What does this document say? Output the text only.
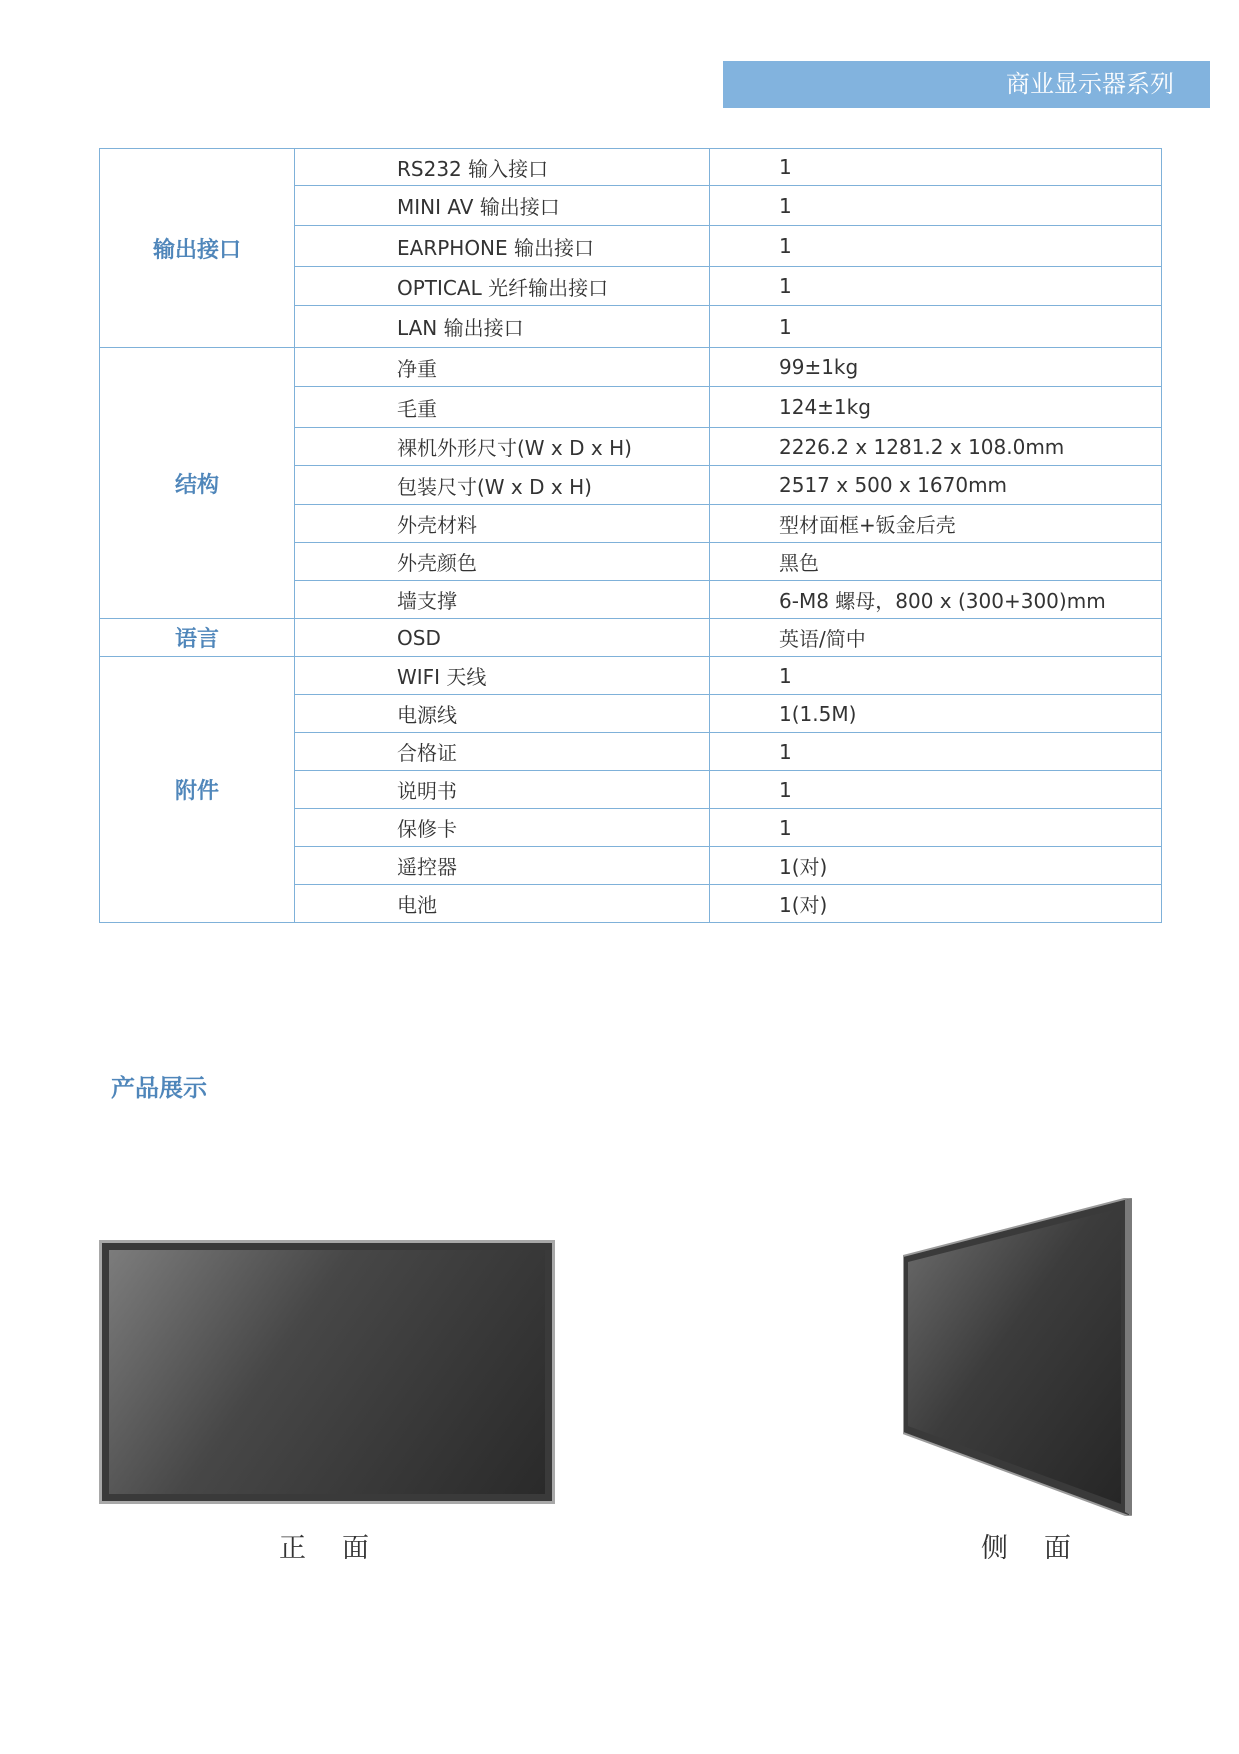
商业显示器系列
输出接口	RS232 输入接口	1
	MINI AV 输出接口	1
	EARPHONE 输出接口	1
	OPTICAL 光纤输出接口	1
	LAN 输出接口	1
结构	净重	99±1kg
	毛重	124±1kg
	裸机外形尺寸(W x D x H)	2226.2 x 1281.2 x 108.0mm
	包装尺寸(W x D x H)	2517 x 500 x 1670mm
	外壳材料	型材面框+钣金后壳
	外壳颜色	黑色
	墙支撑	6-M8 螺母，800 x (300+300)mm
语言	OSD	英语/简中
附件	WIFI 天线	1
	电源线	1(1.5M)
	合格证	1
	说明书	1
	保修卡	1
	遥控器	1(对)
	电池	1(对)
产品展示
正面	侧面
